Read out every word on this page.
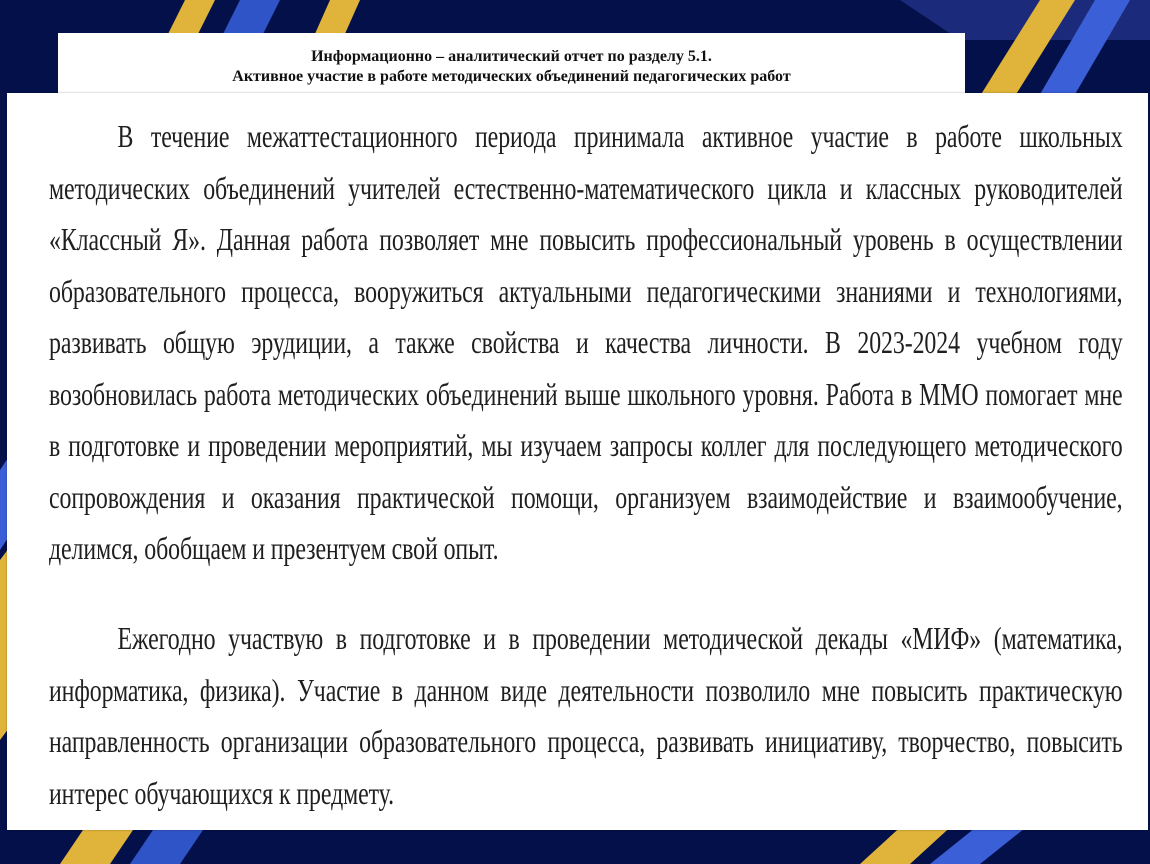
Информационно – аналитический отчет по разделу 5.1.
Активное участие в работе методических объединений педагогических работ

В течение межаттестационного периода принимала активное участие в работе школьных методических объединений учителей естественно-математического цикла и классных руководителей «Классный Я». Данная работа позволяет мне повысить профессиональный уровень в осуществлении образовательного процесса, вооружиться актуальными педагогическими знаниями и технологиями, развивать общую эрудиции, а также свойства и качества личности. В 2023-2024 учебном году возобновилась работа методических объединений выше школьного уровня. Работа в ММО помогает мне в подготовке и проведении мероприятий, мы изучаем запросы коллег для последующего методического сопровождения и оказания практической помощи, организуем взаимодействие и взаимообучение, делимся, обобщаем и презентуем свой опыт.

Ежегодно участвую в подготовке и в проведении методической декады «МИФ» (математика, информатика, физика). Участие в данном виде деятельности позволило мне повысить практическую направленность организации образовательного процесса, развивать инициативу, творчество, повысить интерес обучающихся к предмету.
